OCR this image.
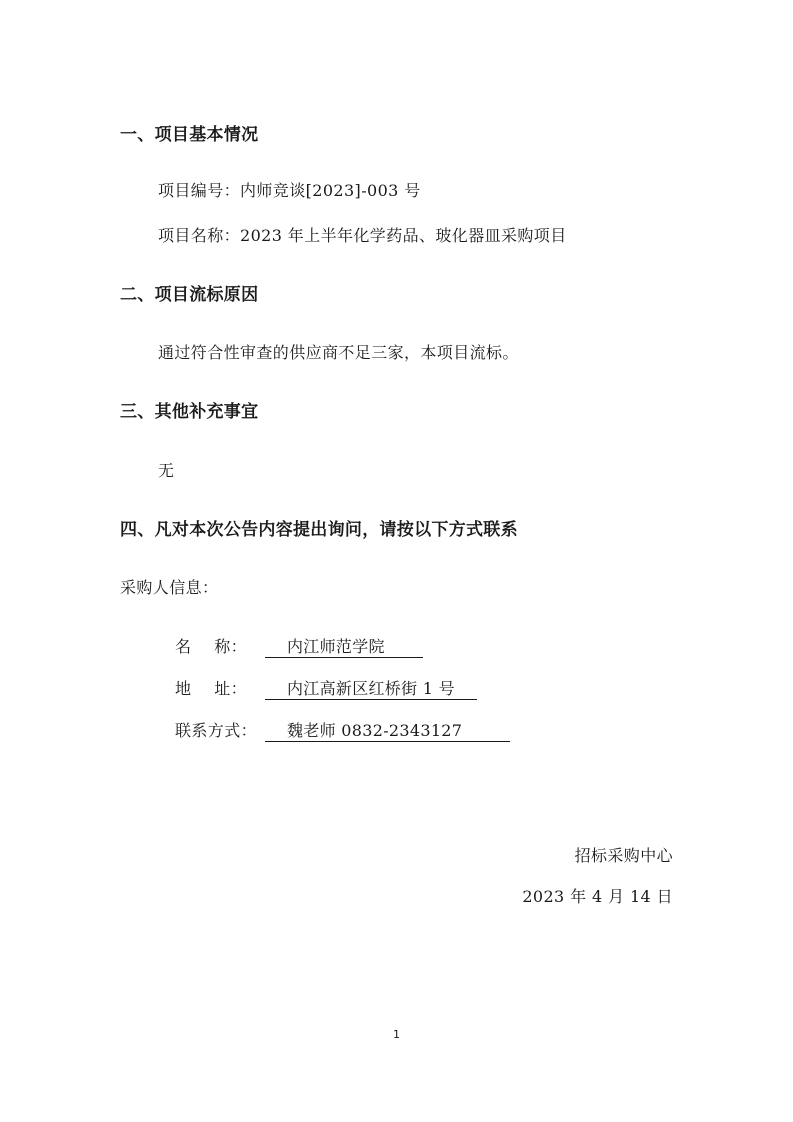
一、项目基本情况
项目编号：内师竞谈[2023]-003 号
项目名称：2023 年上半年化学药品、玻化器皿采购项目
二、项目流标原因
通过符合性审查的供应商不足三家，本项目流标。
三、其他补充事宜
无
四、凡对本次公告内容提出询问，请按以下方式联系
采购人信息：
名 称：	内江师范学院
地 址：	内江高新区红桥街 1 号
联系方式：	魏老师 0832-2343127
招标采购中心
2023 年 4 月 14 日
1
